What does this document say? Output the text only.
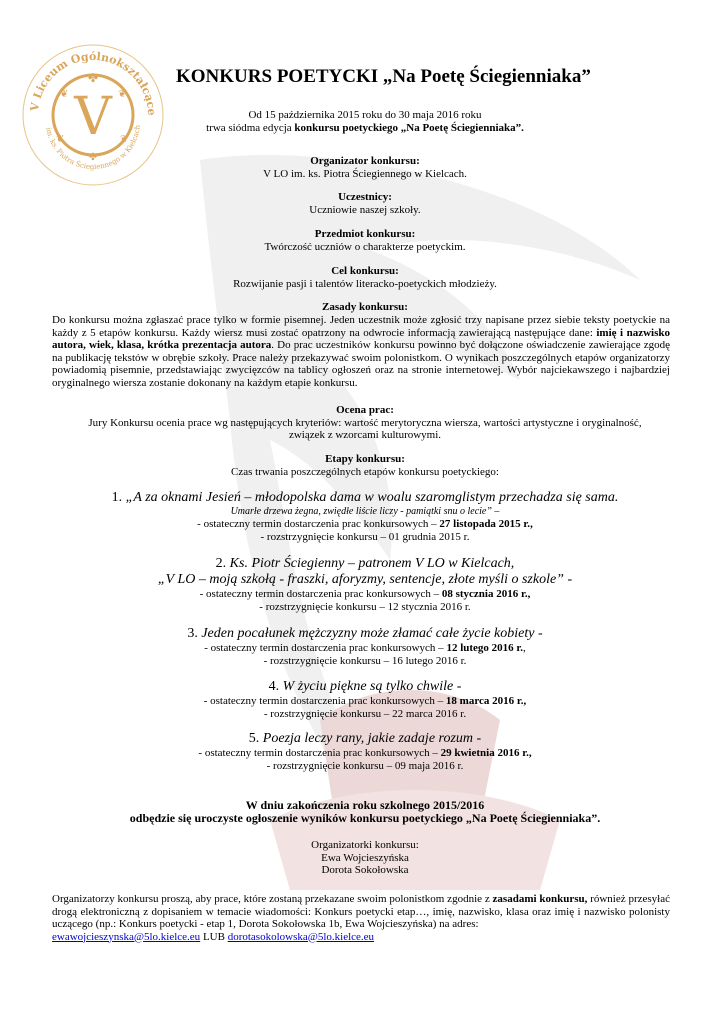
V Liceum Ogólnokształcące
im. ks. Piotra Ściegiennego w Kielcach
V
✤
❦	❦
❦	❦
✤
KONKURS POETYCKI „Na Poetę Ściegienniaka”
Od 15 października 2015 roku do 30 maja 2016 roku
trwa siódma edycja konkursu poetyckiego „Na Poetę Ściegienniaka”.
Organizator konkursu:
V LO im. ks. Piotra Ściegiennego w Kielcach.
Uczestnicy:
Uczniowie naszej szkoły.
Przedmiot konkursu:
Twórczość uczniów o charakterze poetyckim.
Cel konkursu:
Rozwijanie pasji i talentów literacko-poetyckich młodzieży.
Zasady konkursu:
Do konkursu można zgłaszać prace tylko w formie pisemnej. Jeden uczestnik może zgłosić trzy napisane przez siebie teksty poetyckie na każdy z 5 etapów konkursu. Każdy wiersz musi zostać opatrzony na odwrocie informacją zawierającą następujące dane: imię i nazwisko autora, wiek, klasa, krótka prezentacja autora. Do prac uczestników konkursu powinno być dołączone oświadczenie zawierające zgodę na publikację tekstów w obrębie szkoły. Prace należy przekazywać swoim polonistkom. O wynikach poszczególnych etapów organizatorzy powiadomią pisemnie, przedstawiając zwycięzców na tablicy ogłoszeń oraz na stronie internetowej. Wybór najciekawszego i najbardziej oryginalnego wiersza zostanie dokonany na każdym etapie konkursu.
Ocena prac:
Jury Konkursu ocenia prace wg następujących kryteriów: wartość merytoryczna wiersza, wartości artystyczne i oryginalność,
związek z wzorcami kulturowymi.
Etapy konkursu:
Czas trwania poszczególnych etapów konkursu poetyckiego:
1. „A za oknami Jesień – młodopolska dama w woalu szaromglistym przechadza się sama.
Umarłe drzewa żegna, zwiędłe liście liczy - pamiątki snu o lecie” –
- ostateczny termin dostarczenia prac konkursowych – 27 listopada 2015 r.,
- rozstrzygnięcie konkursu – 01 grudnia 2015 r.
2. Ks. Piotr Ściegienny – patronem V LO w Kielcach,
„V LO – moją szkołą - fraszki, aforyzmy, sentencje, złote myśli o szkole” -
- ostateczny termin dostarczenia prac konkursowych – 08 stycznia 2016 r.,
- rozstrzygnięcie konkursu – 12 stycznia 2016 r.
3. Jeden pocałunek mężczyzny może złamać całe życie kobiety -
- ostateczny termin dostarczenia prac konkursowych – 12 lutego 2016 r.,
- rozstrzygnięcie konkursu – 16 lutego 2016 r.
4. W życiu piękne są tylko chwile -
- ostateczny termin dostarczenia prac konkursowych – 18 marca 2016 r.,
- rozstrzygnięcie konkursu – 22 marca 2016 r.
5. Poezja leczy rany, jakie zadaje rozum -
- ostateczny termin dostarczenia prac konkursowych – 29 kwietnia 2016 r.,
- rozstrzygnięcie konkursu – 09 maja 2016 r.
W dniu zakończenia roku szkolnego 2015/2016
odbędzie się uroczyste ogłoszenie wyników konkursu poetyckiego „Na Poetę Ściegienniaka”.
Organizatorki konkursu:
Ewa Wojcieszyńska
Dorota Sokołowska
Organizatorzy konkursu proszą, aby prace, które zostaną przekazane swoim polonistkom zgodnie z zasadami konkursu, również przesyłać drogą elektroniczną z dopisaniem w temacie wiadomości: Konkurs poetycki etap…, imię, nazwisko, klasa oraz imię i nazwisko polonisty uczącego (np.: Konkurs poetycki - etap 1, Dorota Sokołowska 1b, Ewa Wojcieszyńska) na adres:
ewawojcieszynska@5lo.kielce.eu LUB dorotasokolowska@5lo.kielce.eu
